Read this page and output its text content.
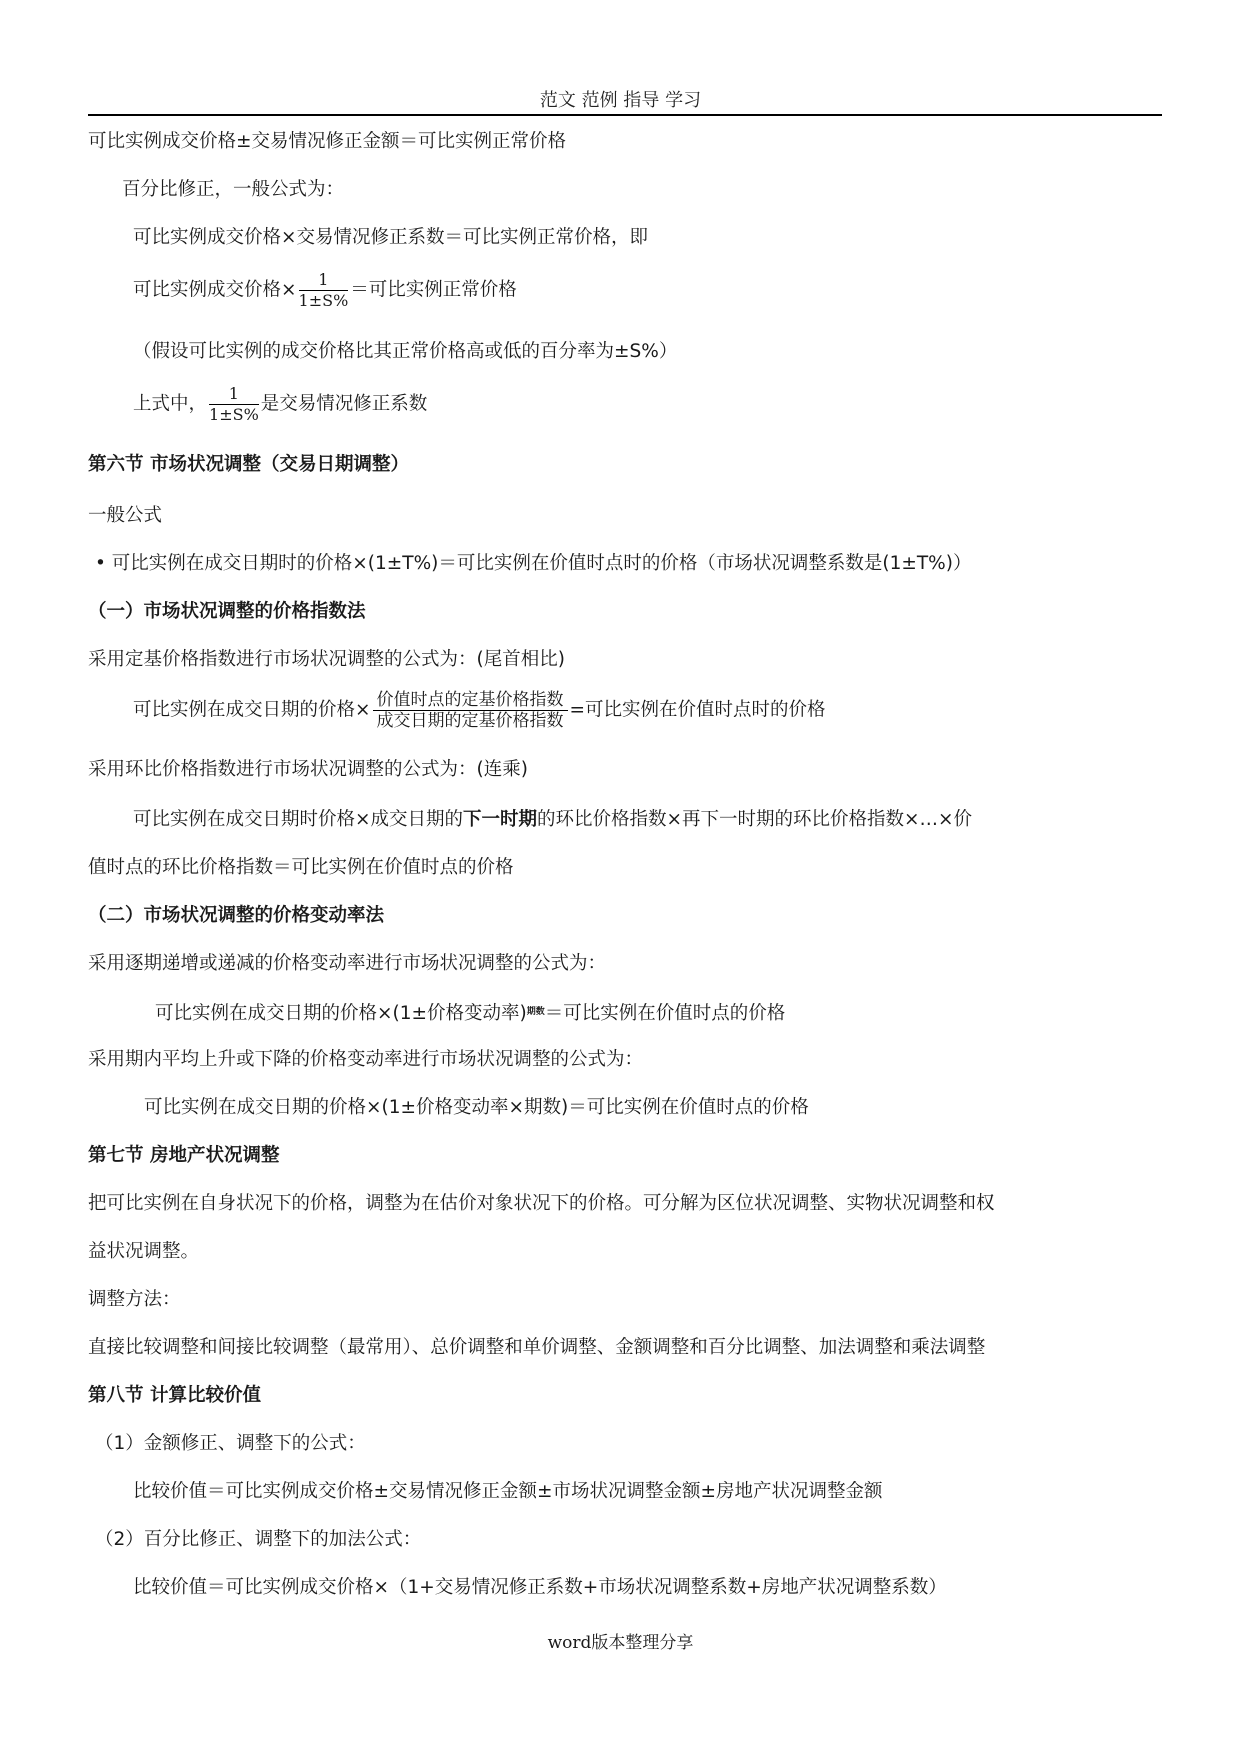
范文 范例 指导 学习
可比实例成交价格±交易情况修正金额＝可比实例正常价格
百分比修正，一般公式为：
可比实例成交价格×交易情况修正系数＝可比实例正常价格，即
可比实例成交价格× $\frac{1}{1\pm S\%}$ ＝可比实例正常价格
（假设可比实例的成交价格比其正常价格高或低的百分率为±S%）
上式中， $\frac{1}{1\pm S\%}$ 是交易情况修正系数
第六节 市场状况调整（交易日期调整）
一般公式
• 可比实例在成交日期时的价格×(1±T%)＝可比实例在价值时点时的价格（市场状况调整系数是(1±T%)）
（一）市场状况调整的价格指数法
采用定基价格指数进行市场状况调整的公式为：(尾首相比)
可比实例在成交日期的价格× $\frac{\text{价值时点的定基价格指数}}{\text{成交日期的定基价格指数}}$ =可比实例在价值时点时的价格
采用环比价格指数进行市场状况调整的公式为：(连乘)
可比实例在成交日期时价格×成交日期的下一时期的环比价格指数×再下一时期的环比价格指数×…×价
值时点的环比价格指数＝可比实例在价值时点的价格
（二）市场状况调整的价格变动率法
采用逐期递增或递减的价格变动率进行市场状况调整的公式为：
可比实例在成交日期的价格×(1±价格变动率)$^{期数}$＝可比实例在价值时点的价格
采用期内平均上升或下降的价格变动率进行市场状况调整的公式为：
可比实例在成交日期的价格×(1±价格变动率×期数)＝可比实例在价值时点的价格
第七节 房地产状况调整
把可比实例在自身状况下的价格，调整为在估价对象状况下的价格。可分解为区位状况调整、实物状况调整和权
益状况调整。
调整方法：
直接比较调整和间接比较调整（最常用）、总价调整和单价调整、金额调整和百分比调整、加法调整和乘法调整
第八节 计算比较价值
（1）金额修正、调整下的公式：
比较价值＝可比实例成交价格±交易情况修正金额±市场状况调整金额±房地产状况调整金额
（2）百分比修正、调整下的加法公式：
比较价值＝可比实例成交价格×（1+交易情况修正系数+市场状况调整系数+房地产状况调整系数）
word版本整理分享
